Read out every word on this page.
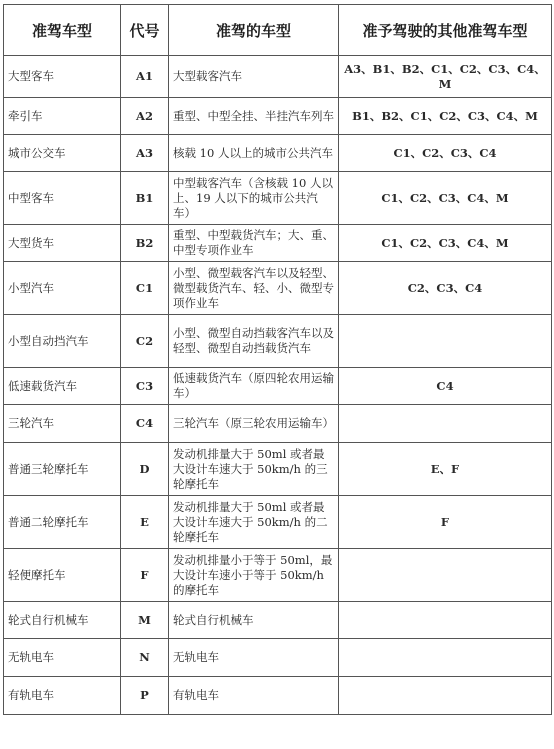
准驾车型	代号	准驾的车型	准予驾驶的其他准驾车型
大型客车	A1	大型载客汽车	A3、B1、B2、C1、C2、C3、C4、M
牵引车	A2	重型、中型全挂、半挂汽车列车	B1、B2、C1、C2、C3、C4、M
城市公交车	A3	核载 10 人以上的城市公共汽车	C1、C2、C3、C4
中型客车	B1	中型载客汽车（含核载 10 人以上、19 人以下的城市公共汽车）	C1、C2、C3、C4、M
大型货车	B2	重型、中型载货汽车；大、重、中型专项作业车	C1、C2、C3、C4、M
小型汽车	C1	小型、微型载客汽车以及轻型、微型载货汽车、轻、小、微型专项作业车	C2、C3、C4
小型自动挡汽车	C2	小型、微型自动挡载客汽车以及轻型、微型自动挡载货汽车	
低速载货汽车	C3	低速载货汽车（原四轮农用运输车）	C4
三轮汽车	C4	三轮汽车（原三轮农用运输车）	
普通三轮摩托车	D	发动机排量大于 50ml 或者最大设计车速大于 50km/h 的三轮摩托车	E、F
普通二轮摩托车	E	发动机排量大于 50ml 或者最大设计车速大于 50km/h 的二轮摩托车	F
轻便摩托车	F	发动机排量小于等于 50ml，最大设计车速小于等于 50km/h 的摩托车	
轮式自行机械车	M	轮式自行机械车	
无轨电车	N	无轨电车	
有轨电车	P	有轨电车	
